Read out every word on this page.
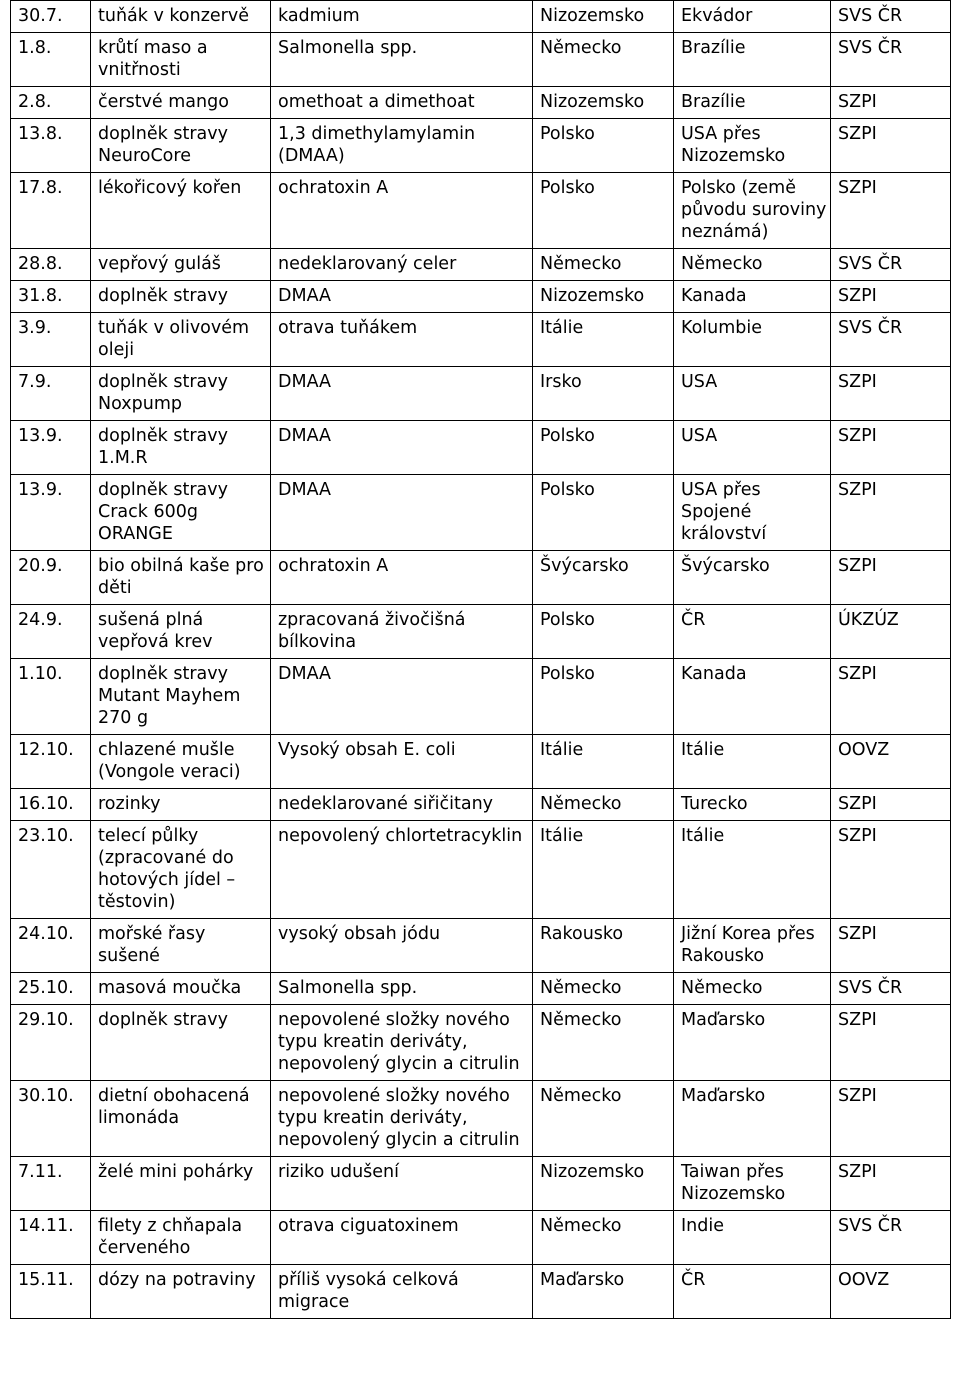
30.7.	tuňák v konzervě	kadmium	Nizozemsko	Ekvádor	SVS ČR
1.8.	krůtí maso a vnitřnosti	Salmonella spp.	Německo	Brazílie	SVS ČR
2.8.	čerstvé mango	omethoat a dimethoat	Nizozemsko	Brazílie	SZPI
13.8.	doplněk stravy NeuroCore	1,3 dimethylamylamin (DMAA)	Polsko	USA přes Nizozemsko	SZPI
17.8.	lékořicový kořen	ochratoxin A	Polsko	Polsko (země původu suroviny neznámá)	SZPI
28.8.	vepřový guláš	nedeklarovaný celer	Německo	Německo	SVS ČR
31.8.	doplněk stravy	DMAA	Nizozemsko	Kanada	SZPI
3.9.	tuňák v olivovém oleji	otrava tuňákem	Itálie	Kolumbie	SVS ČR
7.9.	doplněk stravy Noxpump	DMAA	Irsko	USA	SZPI
13.9.	doplněk stravy 1.M.R	DMAA	Polsko	USA	SZPI
13.9.	doplněk stravy Crack 600g ORANGE	DMAA	Polsko	USA přes Spojené království	SZPI
20.9.	bio obilná kaše pro děti	ochratoxin A	Švýcarsko	Švýcarsko	SZPI
24.9.	sušená plná vepřová krev	zpracovaná živočišná bílkovina	Polsko	ČR	ÚKZÚZ
1.10.	doplněk stravy Mutant Mayhem 270 g	DMAA	Polsko	Kanada	SZPI
12.10.	chlazené mušle (Vongole veraci)	Vysoký obsah E. coli	Itálie	Itálie	OOVZ
16.10.	rozinky	nedeklarované siřičitany	Německo	Turecko	SZPI
23.10.	telecí půlky (zpracované do hotových jídel – těstovin)	nepovolený chlortetracyklin	Itálie	Itálie	SZPI
24.10.	mořské řasy sušené	vysoký obsah jódu	Rakousko	Jižní Korea přes Rakousko	SZPI
25.10.	masová moučka	Salmonella spp.	Německo	Německo	SVS ČR
29.10.	doplněk stravy	nepovolené složky nového typu kreatin deriváty, nepovolený glycin a citrulin	Německo	Maďarsko	SZPI
30.10.	dietní obohacená limonáda	nepovolené složky nového typu kreatin deriváty, nepovolený glycin a citrulin	Německo	Maďarsko	SZPI
7.11.	želé mini pohárky	riziko udušení	Nizozemsko	Taiwan přes Nizozemsko	SZPI
14.11.	filety z chňapala červeného	otrava ciguatoxinem	Německo	Indie	SVS ČR
15.11.	dózy na potraviny	příliš vysoká celková migrace	Maďarsko	ČR	OOVZ
